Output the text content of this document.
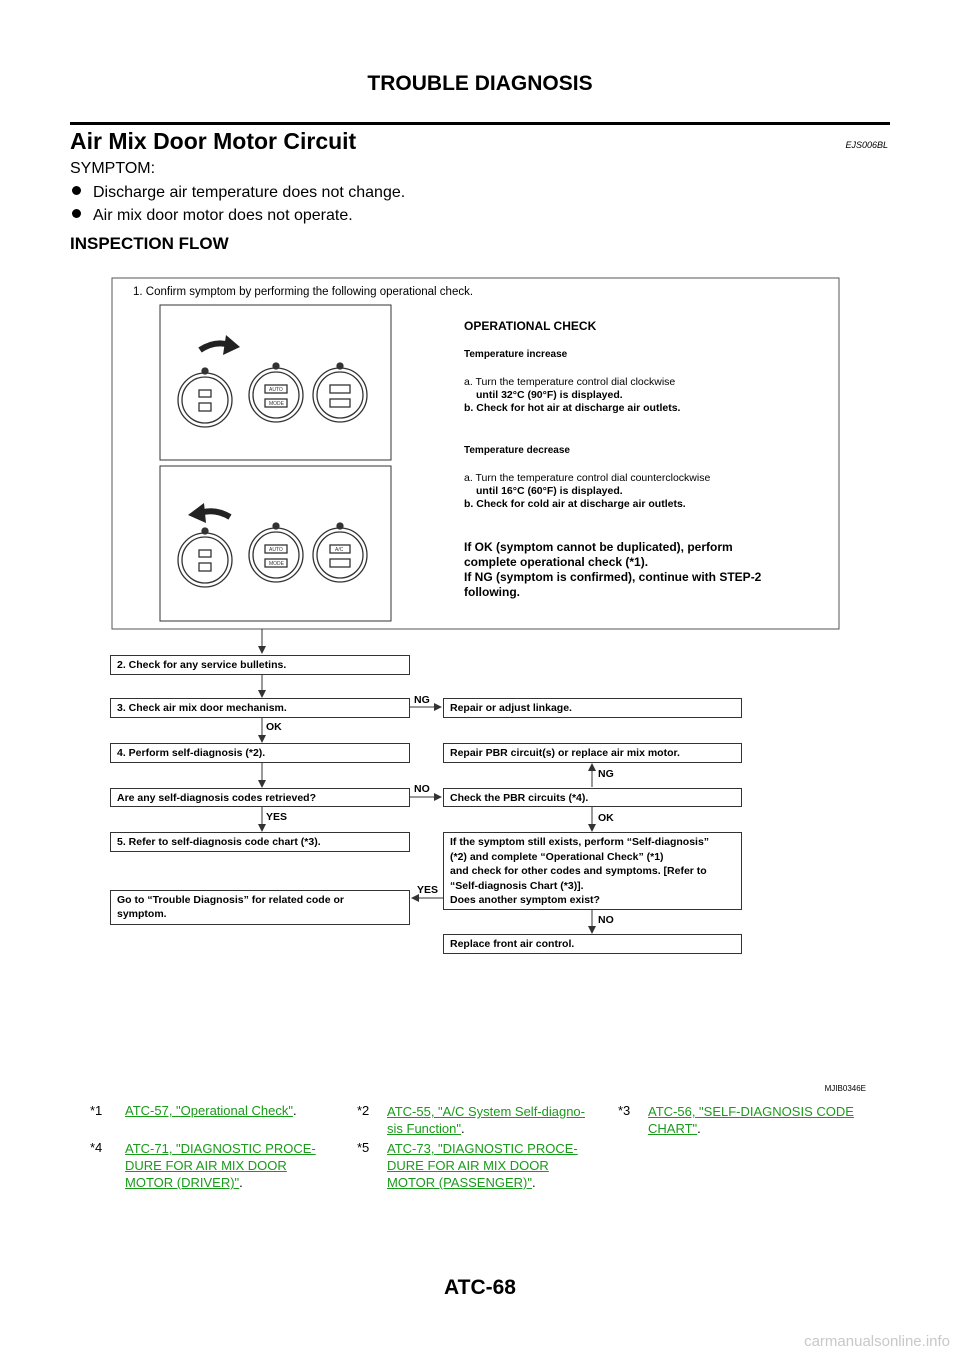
TROUBLE DIAGNOSIS
Air Mix Door Motor Circuit	EJS006BL
SYMPTOM:
Discharge air temperature does not change.
Air mix door motor does not operate.
INSPECTION FLOW
1. Confirm symptom by performing the following operational check.
AUTO
MODE
AUTO
MODE
A/C
OPERATIONAL CHECK
Temperature increase
a. Turn the temperature control dial clockwise
until 32°C (90°F) is displayed.
b. Check for hot air at discharge air outlets.
Temperature decrease
a. Turn the temperature control dial counterclockwise
until 16°C (60°F) is displayed.
b. Check for cold air at discharge air outlets.
If OK (symptom cannot be duplicated), perform
complete operational check (*1).
If NG (symptom is confirmed), continue with STEP-2
following.
2. Check for any service bulletins.
3. Check air mix door mechanism.	Repair or adjust linkage.
4. Perform self-diagnosis (*2).	Repair PBR circuit(s) or replace air mix motor.
Are any self-diagnosis codes retrieved?	Check the PBR circuits (*4).
5. Refer to self-diagnosis code chart (*3).	If the symptom still exists, perform “Self-diagnosis”
(*2) and complete “Operational Check” (*1)
and check for other codes and symptoms. [Refer to
“Self-diagnosis Chart (*3)].
Does another symptom exist?
Go to “Trouble Diagnosis” for related code or
symptom.
Replace front air control.
NG
OK
NG
NO
YES	OK
YES
NO
MJIB0346E
*1 ATC-57, "Operational Check".	*2 ATC-55, "A/C System Self-diagno-
sis Function".
*3 ATC-56, "SELF-DIAGNOSIS CODE
CHART".
*4 ATC-71, "DIAGNOSTIC PROCE-
DURE FOR AIR MIX DOOR
MOTOR (DRIVER)".
*5 ATC-73, "DIAGNOSTIC PROCE-
DURE FOR AIR MIX DOOR
MOTOR (PASSENGER)".
ATC-68
carmanualsonline.info
